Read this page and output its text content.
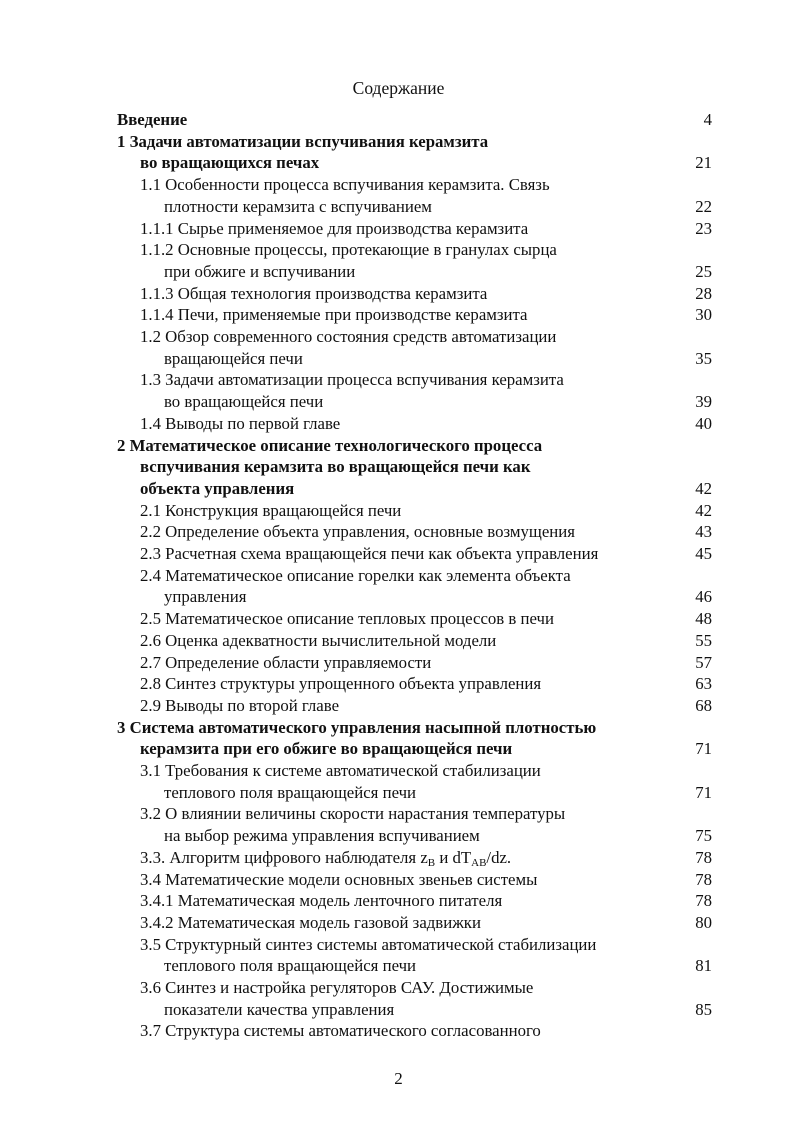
Содержание
Введение	4
1 Задачи автоматизации вспучивания керамзита
во вращающихся печах	21
1.1 Особенности процесса вспучивания керамзита. Связь
плотности керамзита с вспучиванием	22
1.1.1 Сырье применяемое для производства керамзита	23
1.1.2 Основные процессы, протекающие в гранулах сырца
при обжиге и вспучивании	25
1.1.3 Общая технология производства керамзита	28
1.1.4 Печи, применяемые при производстве керамзита	30
1.2 Обзор современного состояния средств автоматизации
вращающейся печи	35
1.3 Задачи автоматизации процесса вспучивания керамзита
во вращающейся печи	39
1.4 Выводы по первой главе	40
2 Математическое описание технологического процесса
вспучивания керамзита во вращающейся печи как
объекта управления	42
2.1 Конструкция вращающейся печи	42
2.2 Определение объекта управления, основные возмущения	43
2.3 Расчетная схема вращающейся печи как объекта управления	45
2.4 Математическое описание горелки как элемента объекта
управления	46
2.5 Математическое описание тепловых процессов в печи	48
2.6 Оценка адекватности вычислительной модели	55
2.7 Определение области управляемости	57
2.8 Синтез структуры упрощенного объекта управления	63
2.9 Выводы по второй главе	68
3 Система автоматического управления насыпной плотностью
керамзита при его обжиге во вращающейся печи	71
3.1 Требования к системе автоматической стабилизации
теплового поля вращающейся печи	71
3.2 О влиянии величины скорости нарастания температуры
на выбор режима управления вспучиванием	75
3.3. Алгоритм цифрового наблюдателя $z_B$ и $dT_{AB}/dz$.	78
3.4 Математические модели основных звеньев системы	78
3.4.1 Математическая модель ленточного питателя	78
3.4.2 Математическая модель газовой задвижки	80
3.5 Структурный синтез системы автоматической стабилизации
теплового поля вращающейся печи	81
3.6 Синтез и настройка регуляторов САУ. Достижимые
показатели качества управления	85
3.7 Структура системы автоматического согласованного
2
